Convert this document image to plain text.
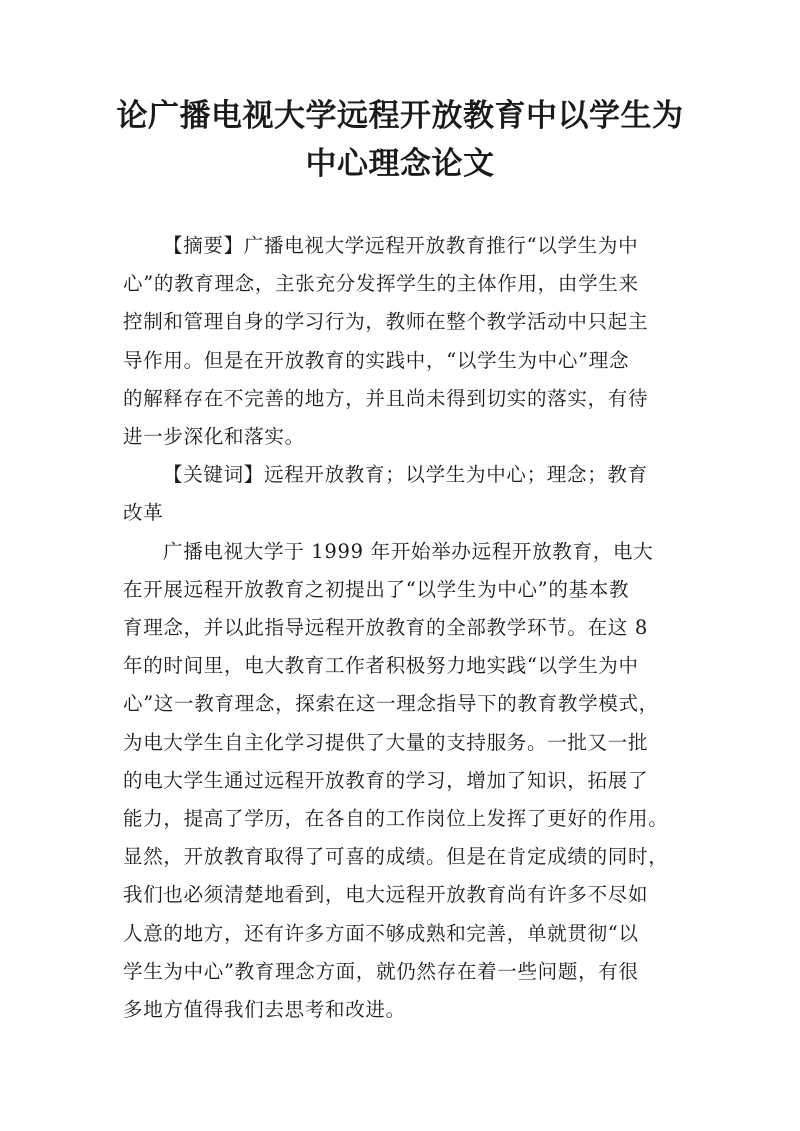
论广播电视大学远程开放教育中以学生为
中心理念论文
【摘要】广播电视大学远程开放教育推行“以学生为中
心”的教育理念，主张充分发挥学生的主体作用，由学生来
控制和管理自身的学习行为，教师在整个教学活动中只起主
导作用。但是在开放教育的实践中，“以学生为中心”理念
的解释存在不完善的地方，并且尚未得到切实的落实，有待
进一步深化和落实。
【关键词】远程开放教育；以学生为中心；理念；教育
改革
广播电视大学于 1999 年开始举办远程开放教育，电大
在开展远程开放教育之初提出了“以学生为中心”的基本教
育理念，并以此指导远程开放教育的全部教学环节。在这 8
年的时间里，电大教育工作者积极努力地实践“以学生为中
心”这一教育理念，探索在这一理念指导下的教育教学模式，
为电大学生自主化学习提供了大量的支持服务。一批又一批
的电大学生通过远程开放教育的学习，增加了知识，拓展了
能力，提高了学历，在各自的工作岗位上发挥了更好的作用。
显然，开放教育取得了可喜的成绩。但是在肯定成绩的同时，
我们也必须清楚地看到，电大远程开放教育尚有许多不尽如
人意的地方，还有许多方面不够成熟和完善，单就贯彻“以
学生为中心”教育理念方面，就仍然存在着一些问题，有很
多地方值得我们去思考和改进。
